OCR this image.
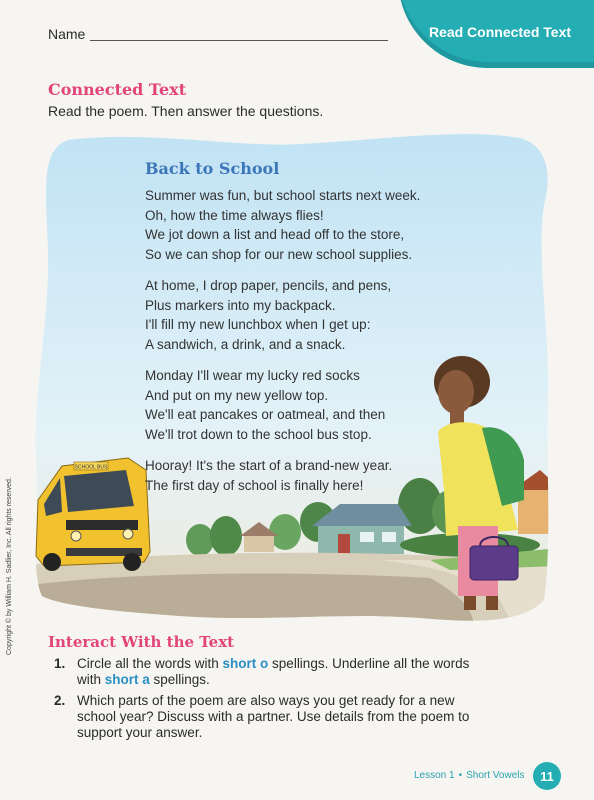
Name	Read Connected Text
Connected Text
Read the poem. Then answer the questions.
SCHOOL BUS
Back to School
Summer was fun, but school starts next week.
Oh, how the time always flies!
We jot down a list and head off to the store,
So we can shop for our new school supplies.
At home, I drop paper, pencils, and pens,
Plus markers into my backpack.
I'll fill my new lunchbox when I get up:
A sandwich, a drink, and a snack.
Monday I'll wear my lucky red socks
And put on my new yellow top.
We'll eat pancakes or oatmeal, and then
We'll trot down to the school bus stop.
Hooray! It's the start of a brand-new year.
The first day of school is finally here!
Copyright © by William H. Sadlier, Inc. All rights reserved. Interact With the Text
1. Circle all the words with short o spellings. Underline all the words with short a spellings.
2. Which parts of the poem are also ways you get ready for a new school year? Discuss with a partner. Use details from the poem to support your answer.
Lesson 1 • Short Vowels	11
